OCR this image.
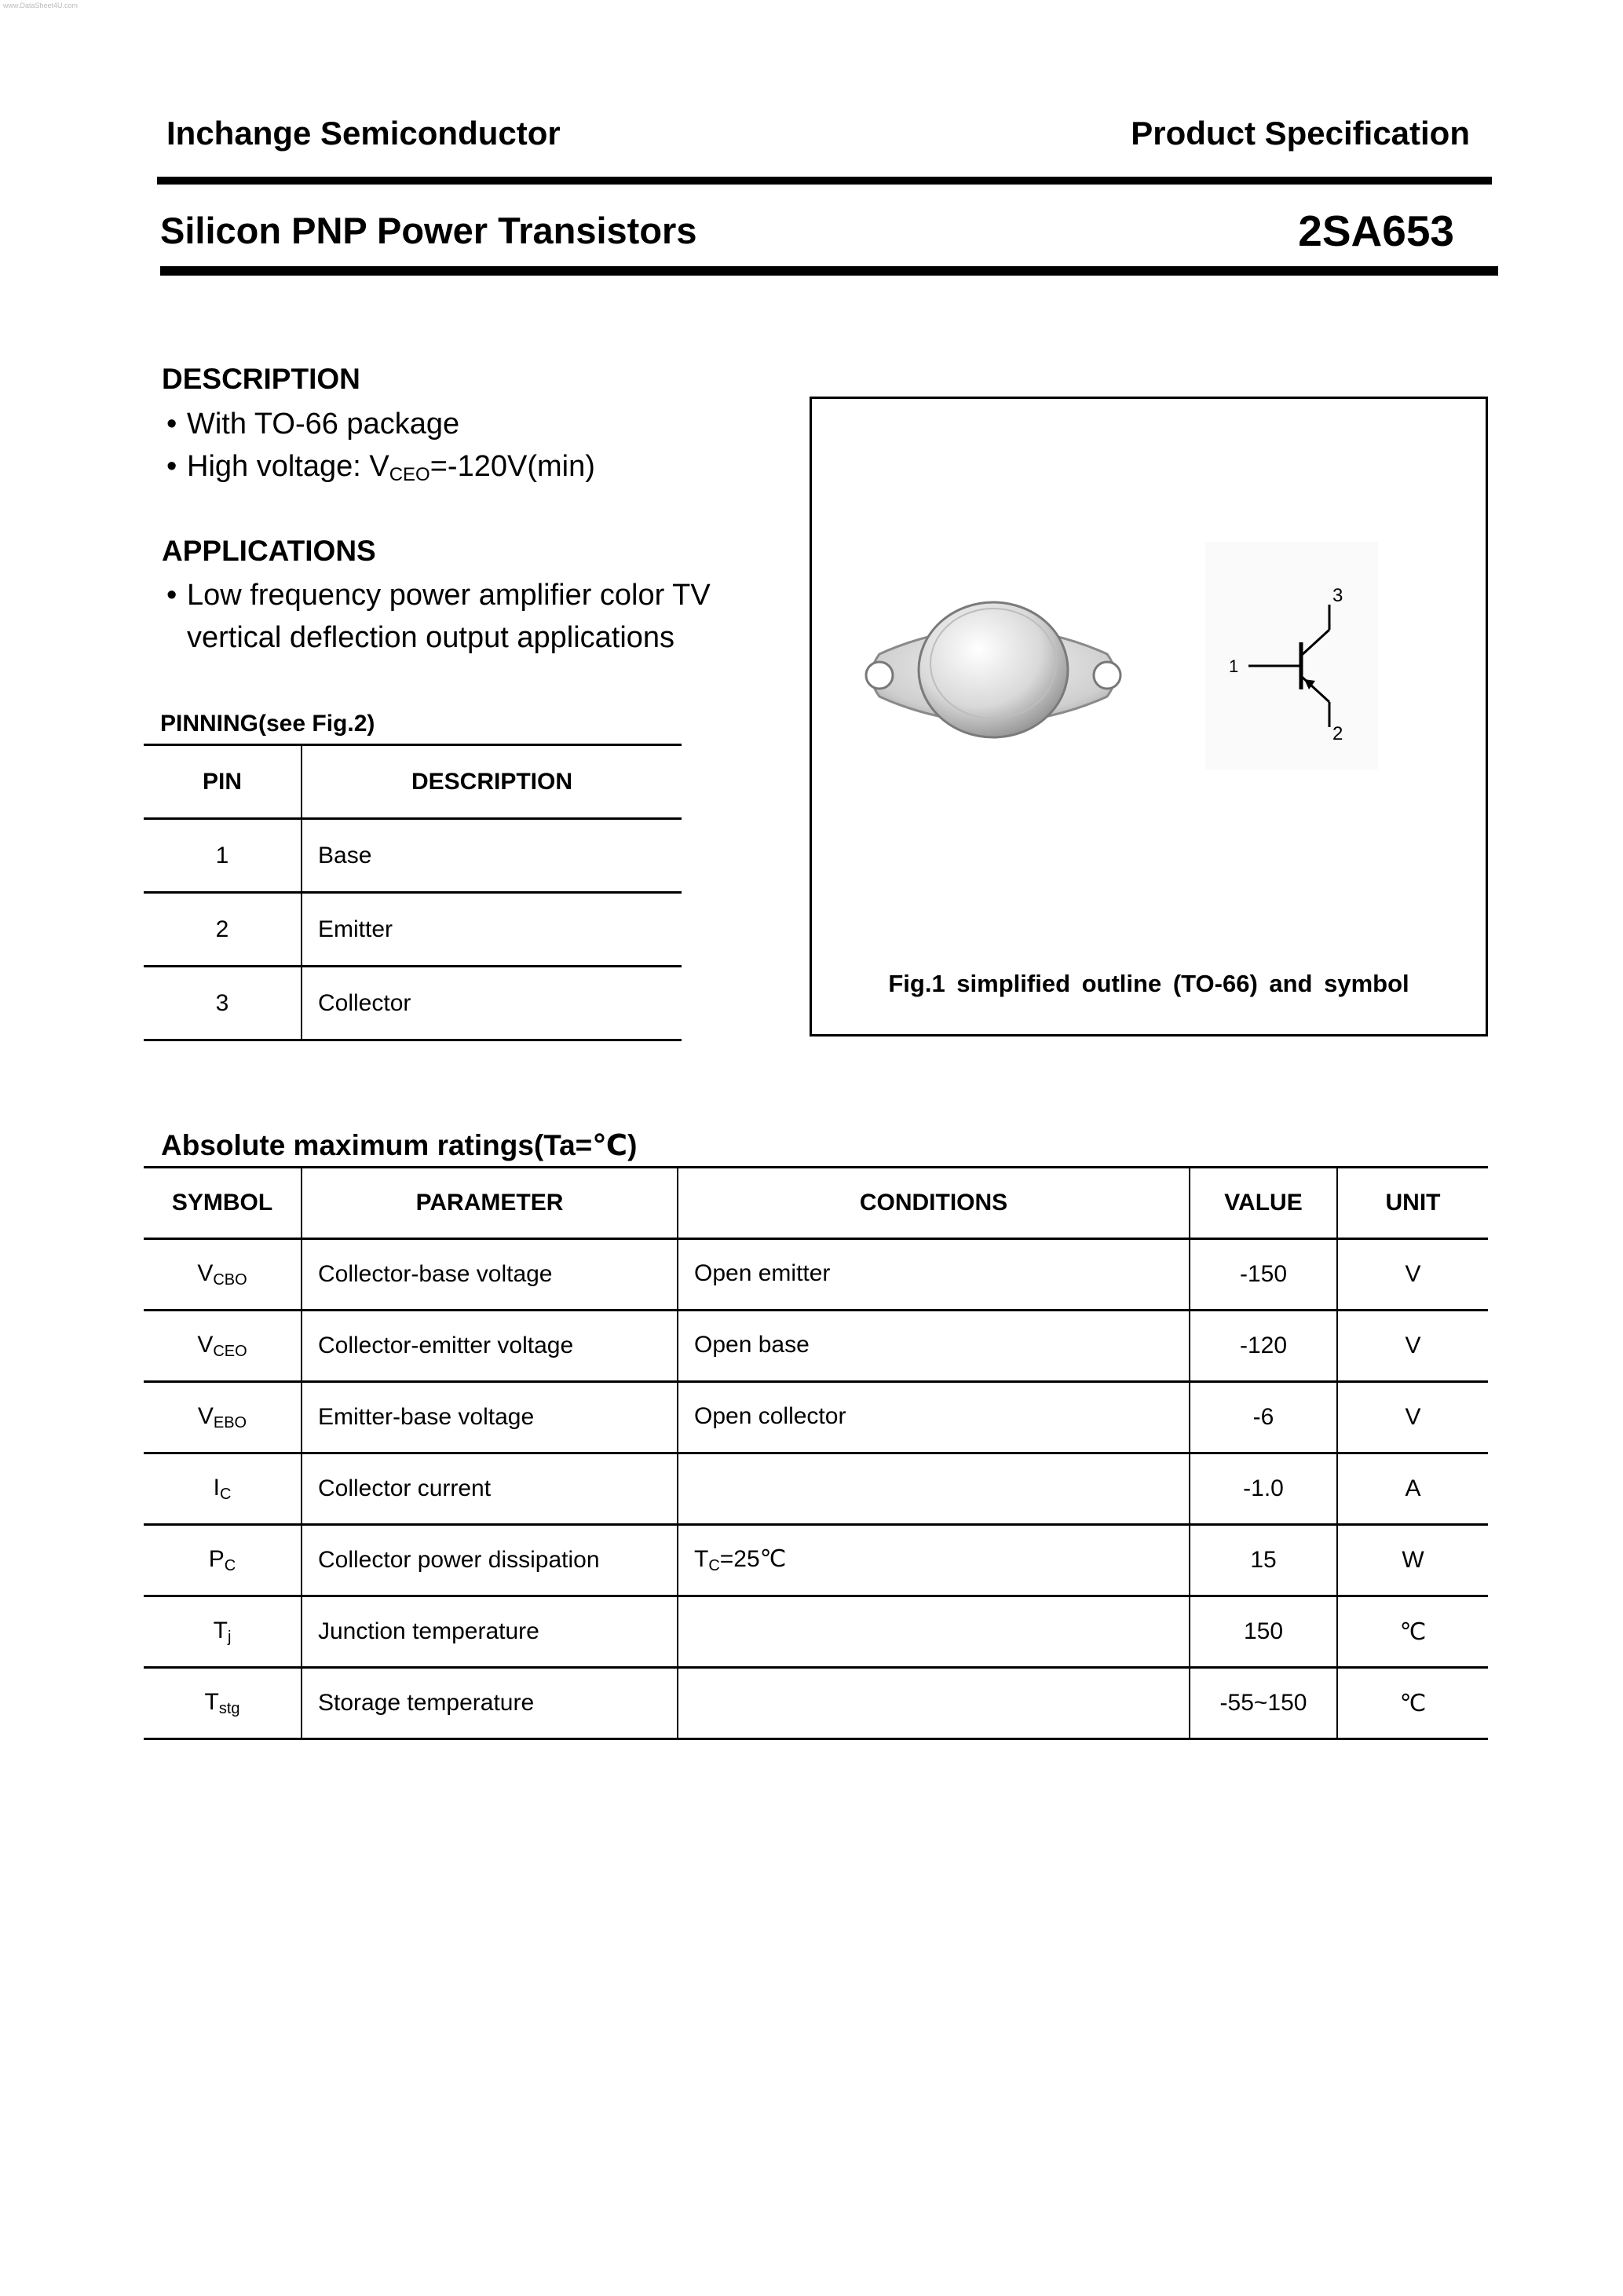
www.DataSheet4U.com
Inchange Semiconductor	Product Specification
Silicon PNP Power Transistors	2SA653
DESCRIPTION
• With TO-66 package
• High voltage: $V_{CEO}=-120V(\min)$
APPLICATIONS
• Low frequency power amplifier color TV
vertical deflection output applications
PINNING(see Fig.2)
PIN	DESCRIPTION
1	Base
2	Emitter
3	Collector
1
3
2
Fig.1 simplified outline (TO-66) and symbol
Absolute maximum ratings(Ta=℃)
SYMBOL	PARAMETER	CONDITIONS	VALUE	UNIT
$V_{CBO}$	Collector-base voltage	Open emitter	-150	V
$V_{CEO}$	Collector-emitter voltage	Open base	-120	V
$V_{EBO}$	Emitter-base voltage	Open collector	-6	V
$I_C$	Collector current		-1.0	A
$P_C$	Collector power dissipation	$T_C=25℃$	15	W
$T_j$	Junction temperature		150	℃
$T_{stg}$	Storage temperature		-55~150	℃
